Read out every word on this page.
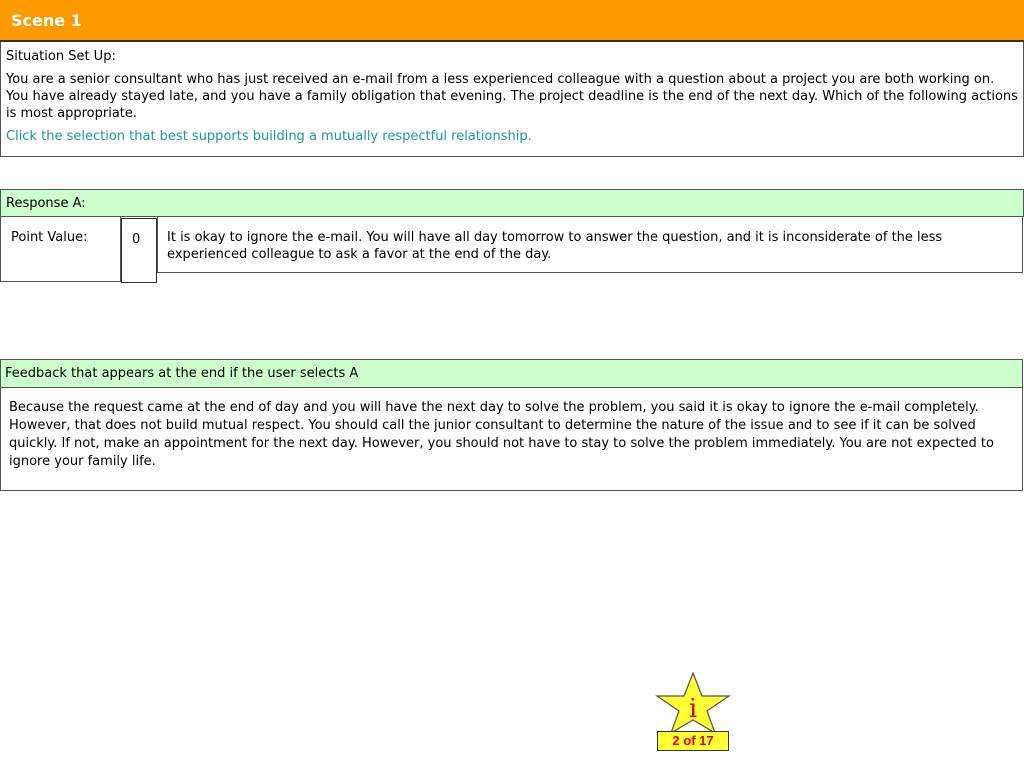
Scene 1

Situation Set Up:

You are a senior consultant who has just received an e-mail from a less experienced colleague with a question about a project you are both working on. You have already stayed late, and you have a family obligation that evening. The project deadline is the end of the next day. Which of the following actions is most appropriate.

Click the selection that best supports building a mutually respectful relationship.

Response A:
Point Value:	0	It is okay to ignore the e-mail. You will have all day tomorrow to answer the question, and it is inconsiderate of the less experienced colleague to ask a favor at the end of the day.
Feedback that appears at the end if the user selects A
Because the request came at the end of day and you will have the next day to solve the problem, you said it is okay to ignore the e-mail completely. However, that does not build mutual respect. You should call the junior consultant to determine the nature of the issue and to see if it can be solved quickly. If not, make an appointment for the next day. However, you should not have to stay to solve the problem immediately. You are not expected to ignore your family life.
i
2 of 17
